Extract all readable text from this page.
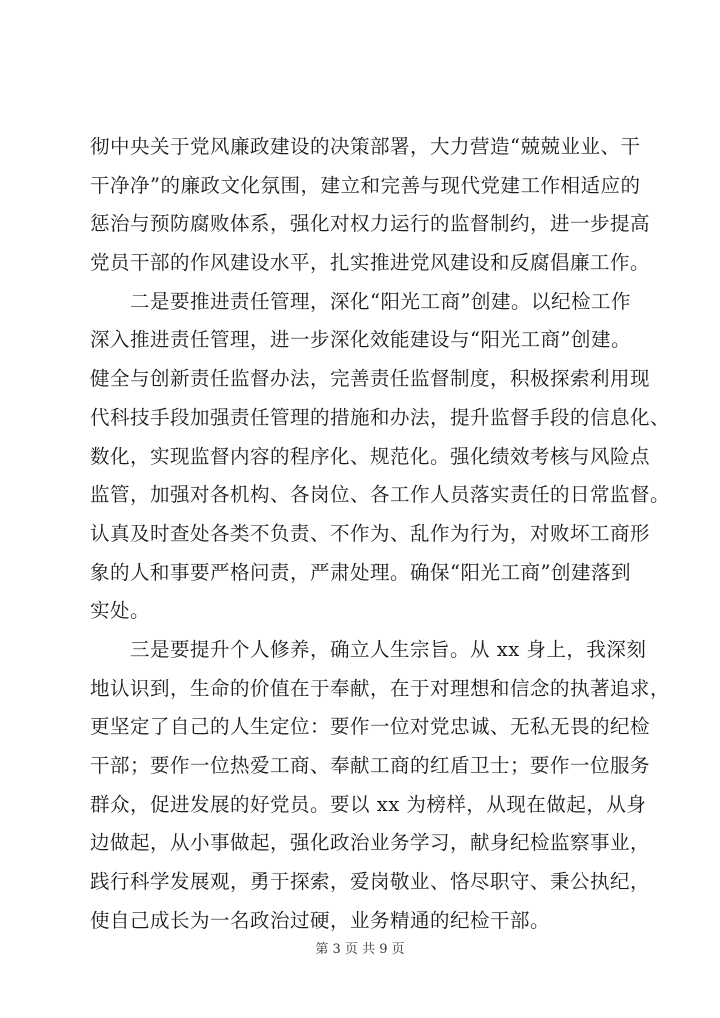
彻中央关于党风廉政建设的决策部署，大力营造“兢兢业业、干
干净净”的廉政文化氛围，建立和完善与现代党建工作相适应的
惩治与预防腐败体系，强化对权力运行的监督制约，进一步提高
党员干部的作风建设水平，扎实推进党风建设和反腐倡廉工作。
二是要推进责任管理，深化“阳光工商”创建。以纪检工作
深入推进责任管理，进一步深化效能建设与“阳光工商”创建。
健全与创新责任监督办法，完善责任监督制度，积极探索利用现
代科技手段加强责任管理的措施和办法，提升监督手段的信息化、
数化，实现监督内容的程序化、规范化。强化绩效考核与风险点
监管，加强对各机构、各岗位、各工作人员落实责任的日常监督。
认真及时查处各类不负责、不作为、乱作为行为，对败坏工商形
象的人和事要严格问责，严肃处理。确保“阳光工商”创建落到
实处。
三是要提升个人修养，确立人生宗旨。从 xx 身上，我深刻
地认识到，生命的价值在于奉献，在于对理想和信念的执著追求，
更坚定了自己的人生定位：要作一位对党忠诚、无私无畏的纪检
干部；要作一位热爱工商、奉献工商的红盾卫士；要作一位服务
群众，促进发展的好党员。要以 xx 为榜样，从现在做起，从身
边做起，从小事做起，强化政治业务学习，献身纪检监察事业，
践行科学发展观，勇于探索，爱岗敬业、恪尽职守、秉公执纪，
使自己成长为一名政治过硬，业务精通的纪检干部。
第 3 页 共 9 页
